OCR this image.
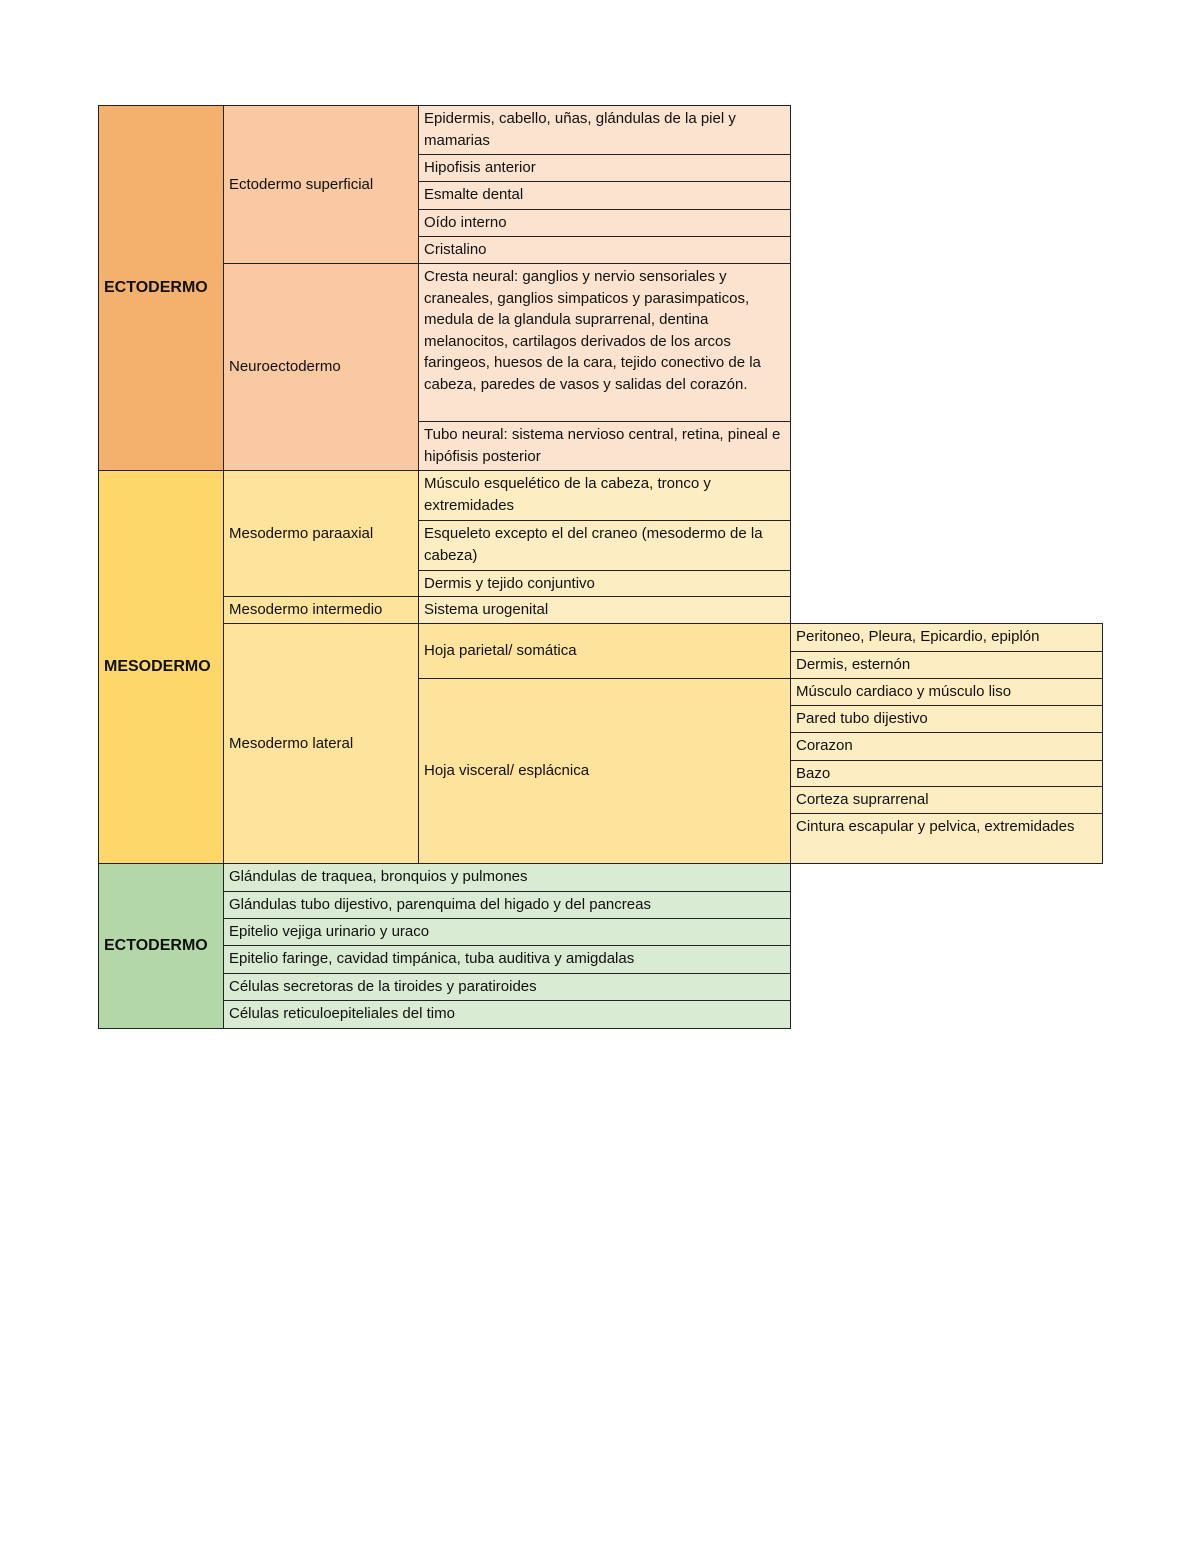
ECTODERMO
Ectodermo superficial
Epidermis, cabello, uñas, glándulas de la piel y mamarias
Hipofisis anterior
Esmalte dental
Oído interno
Cristalino
Neuroectodermo
Cresta neural: ganglios y nervio sensoriales y craneales, ganglios simpaticos y parasimpaticos, medula de la glandula suprarrenal, dentina melanocitos, cartilagos derivados de los arcos faringeos, huesos de la cara, tejido conectivo de la cabeza, paredes de vasos y salidas del corazón.
Tubo neural: sistema nervioso central, retina, pineal e hipófisis posterior
MESODERMO
Mesodermo paraaxial
Músculo esquelético de la cabeza, tronco y extremidades
Esqueleto excepto el del craneo (mesodermo de la cabeza)
Dermis y tejido conjuntivo
Mesodermo intermedio	Sistema urogenital
Mesodermo lateral
Hoja parietal/ somática
Peritoneo, Pleura, Epicardio, epiplón
Dermis, esternón
Hoja visceral/ esplácnica
Músculo cardiaco y músculo liso
Pared tubo dijestivo
Corazon
Bazo
Corteza suprarrenal
Cintura escapular y pelvica, extremidades
ECTODERMO
Glándulas de traquea, bronquios y pulmones
Glándulas tubo dijestivo, parenquima del higado y del pancreas
Epitelio vejiga urinario y uraco
Epitelio faringe, cavidad timpánica, tuba auditiva y amigdalas
Células secretoras de la tiroides y paratiroides
Células reticuloepiteliales del timo
